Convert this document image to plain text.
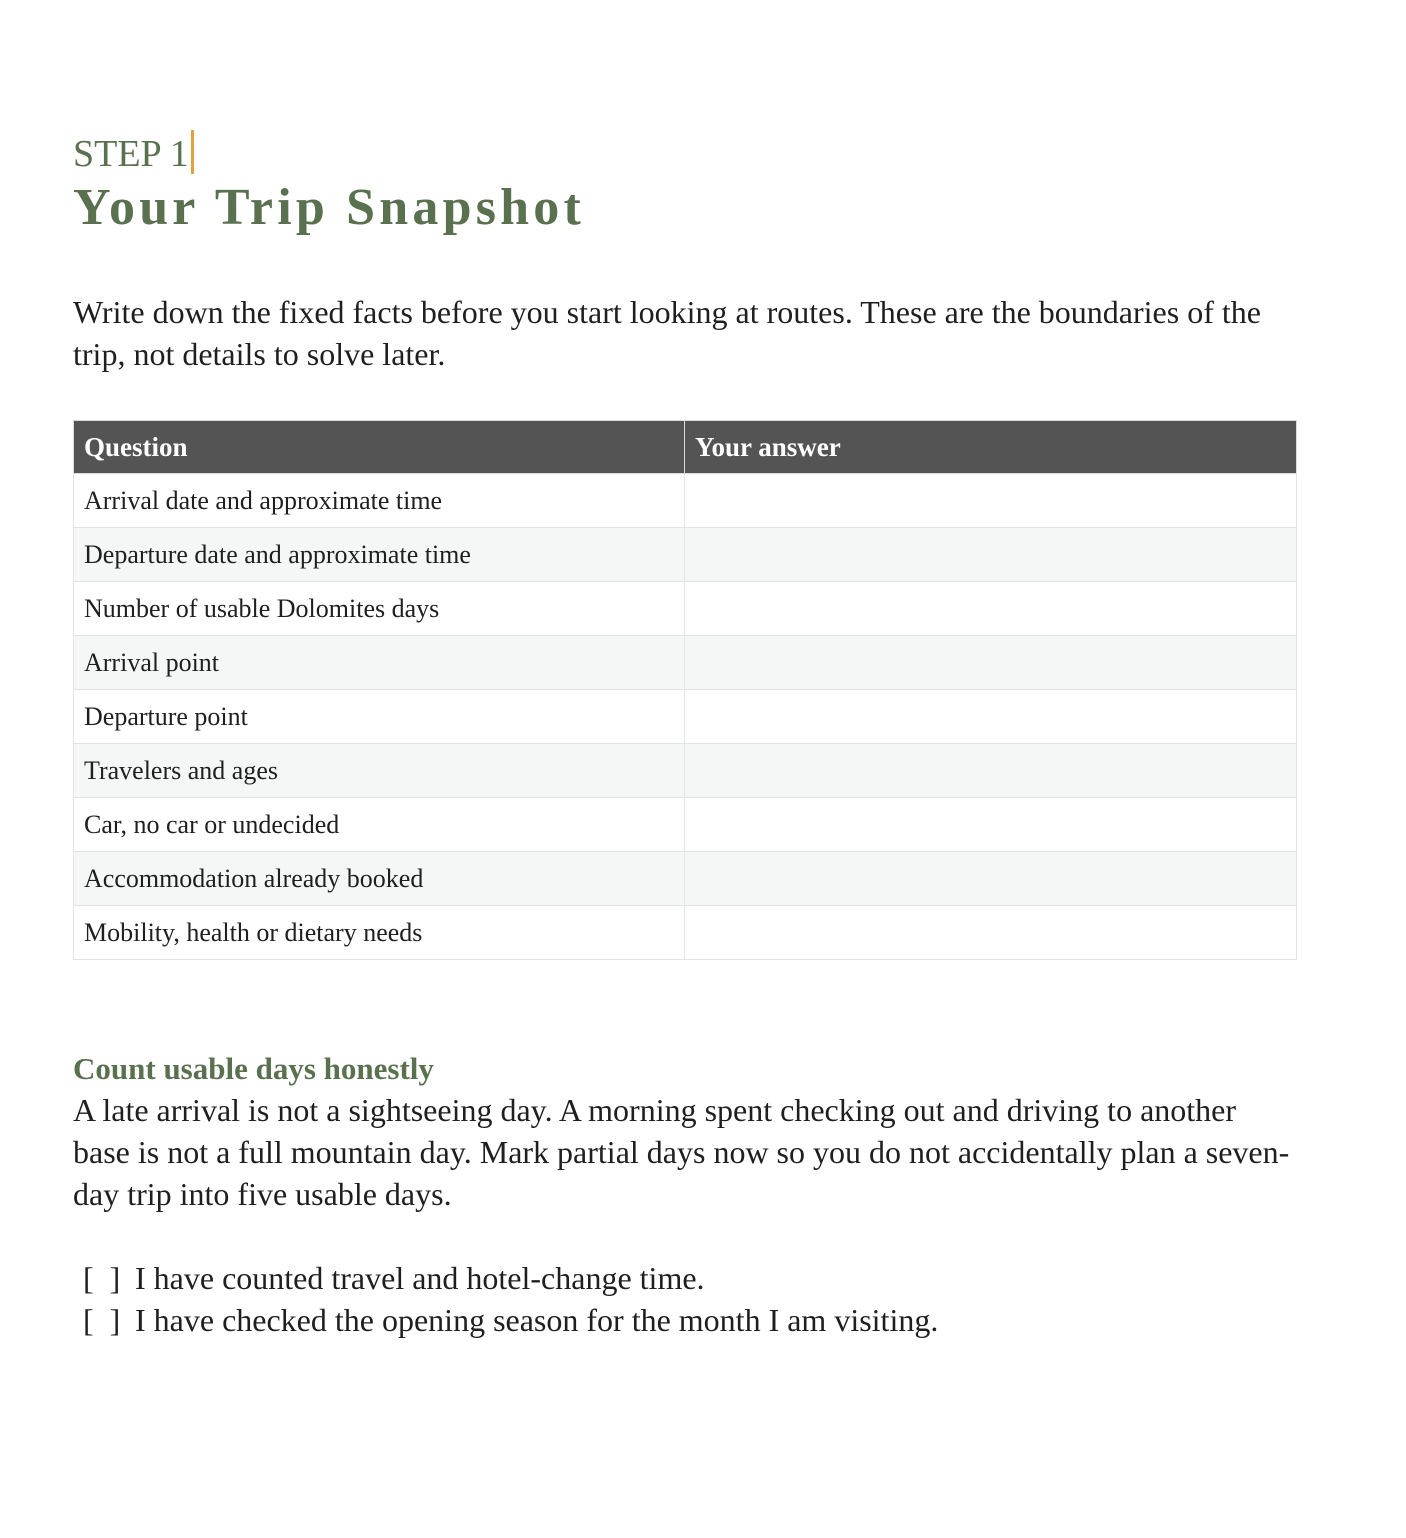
STEP 1
Your Trip Snapshot

Write down the fixed facts before you start looking at routes. These are the boundaries of the trip, not details to solve later.

Question	Your answer
Arrival date and approximate time	
Departure date and approximate time	
Number of usable Dolomites days	
Arrival point	
Departure point	
Travelers and ages	
Car, no car or undecided	
Accommodation already booked	
Mobility, health or dietary needs	
Count usable days honestly

A late arrival is not a sightseeing day. A morning spent checking out and driving to another base is not a full mountain day. Mark partial days now so you do not accidentally plan a seven-day trip into five usable days.

[  ] I have counted travel and hotel-change time.
[  ] I have checked the opening season for the month I am visiting.
